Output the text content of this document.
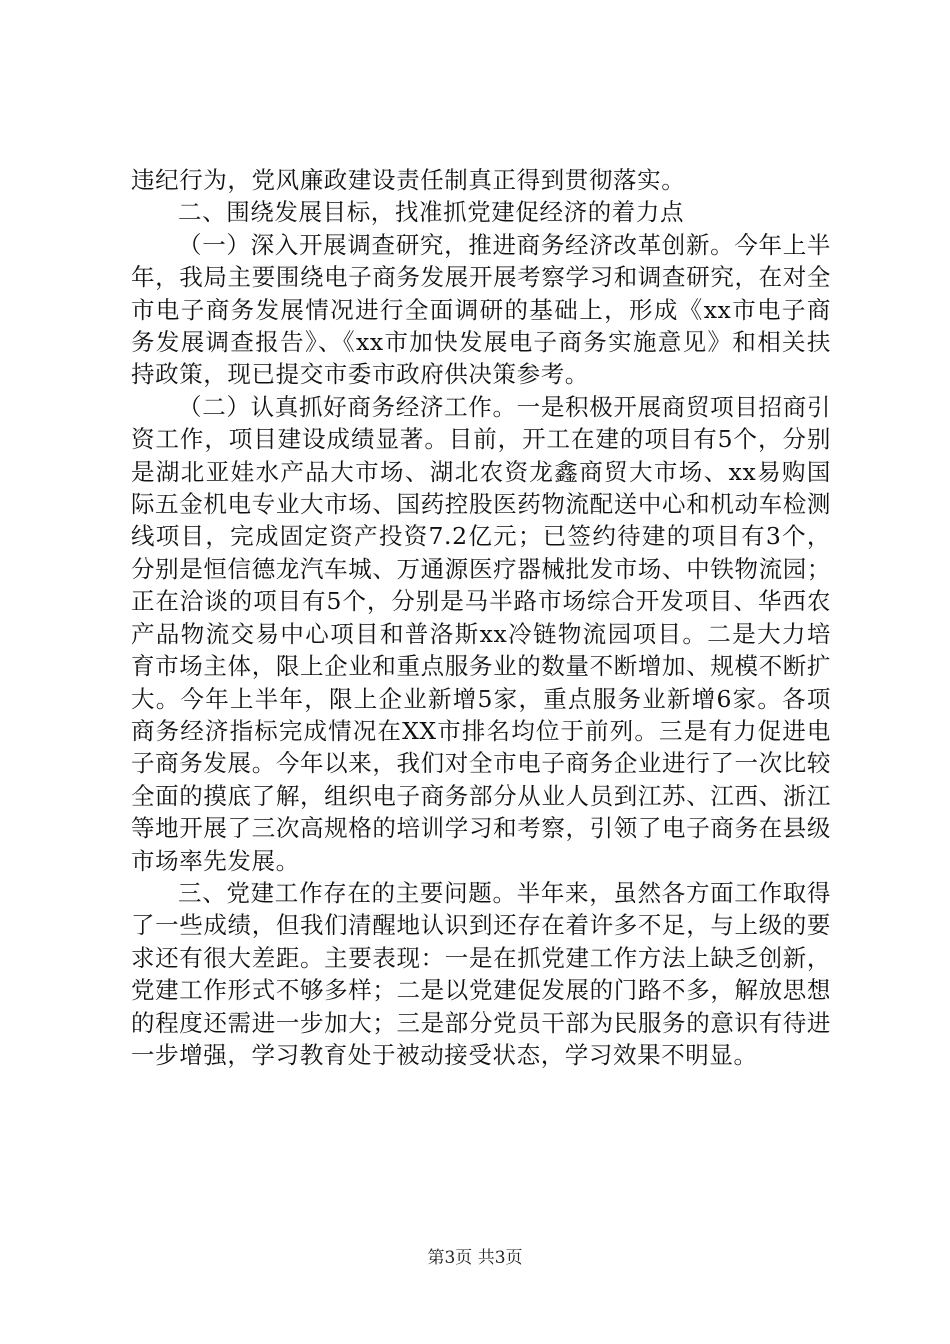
违纪行为，党风廉政建设责任制真正得到贯彻落实。

二、围绕发展目标，找准抓党建促经济的着力点

（一）深入开展调查研究，推进商务经济改革创新。今年上半年，我局主要围绕电子商务发展开展考察学习和调查研究，在对全市电子商务发展情况进行全面调研的基础上，形成《xx市电子商务发展调查报告》、《xx市加快发展电子商务实施意见》和相关扶持政策，现已提交市委市政府供决策参考。

（二）认真抓好商务经济工作。一是积极开展商贸项目招商引资工作，项目建设成绩显著。目前，开工在建的项目有5个，分别是湖北亚娃水产品大市场、湖北农资龙鑫商贸大市场、xx易购国际五金机电专业大市场、国药控股医药物流配送中心和机动车检测线项目，完成固定资产投资7.2亿元；已签约待建的项目有3个，分别是恒信德龙汽车城、万通源医疗器械批发市场、中铁物流园；正在洽谈的项目有5个，分别是马半路市场综合开发项目、华西农产品物流交易中心项目和普洛斯xx冷链物流园项目。二是大力培育市场主体，限上企业和重点服务业的数量不断增加、规模不断扩大。今年上半年，限上企业新增5家，重点服务业新增6家。各项商务经济指标完成情况在XX市排名均位于前列。三是有力促进电子商务发展。今年以来，我们对全市电子商务企业进行了一次比较全面的摸底了解，组织电子商务部分从业人员到江苏、江西、浙江等地开展了三次高规格的培训学习和考察，引领了电子商务在县级市场率先发展。

三、党建工作存在的主要问题。半年来，虽然各方面工作取得了一些成绩，但我们清醒地认识到还存在着许多不足，与上级的要求还有很大差距。主要表现：一是在抓党建工作方法上缺乏创新，党建工作形式不够多样；二是以党建促发展的门路不多，解放思想的程度还需进一步加大；三是部分党员干部为民服务的意识有待进一步增强，学习教育处于被动接受状态，学习效果不明显。

第3页 共3页
